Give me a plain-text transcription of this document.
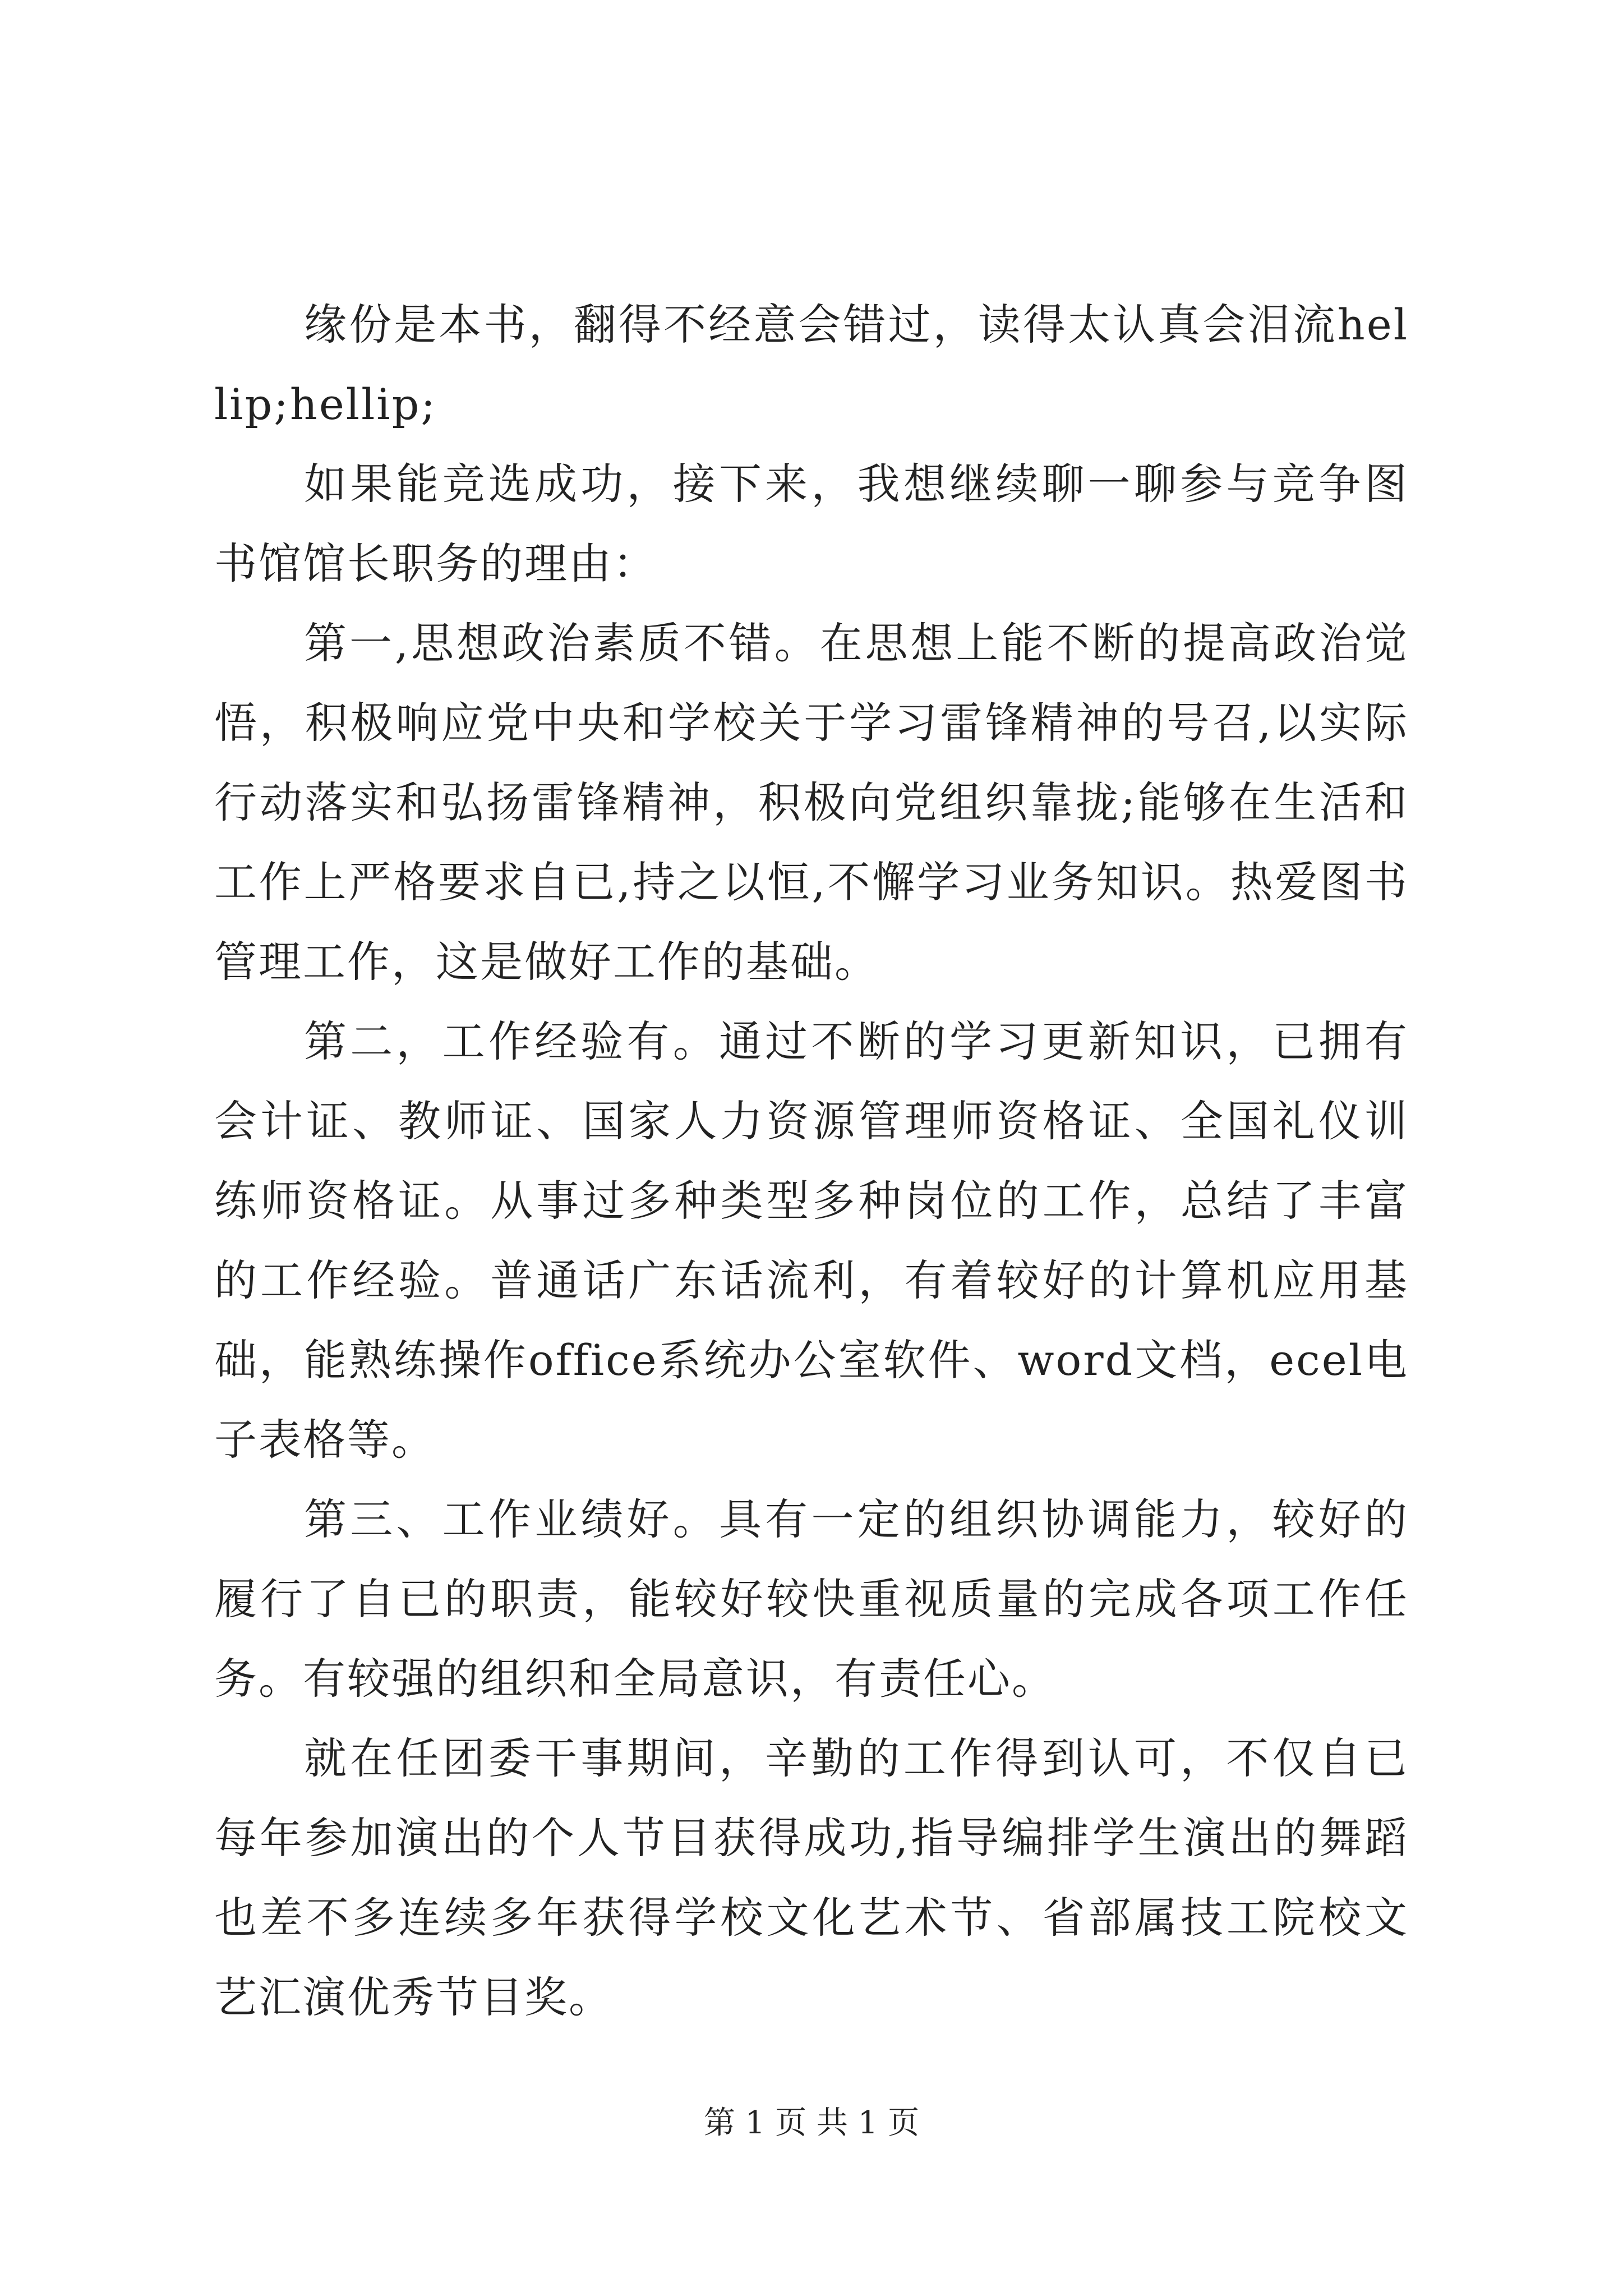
缘份是本书，翻得不经意会错过，读得太认真会泪流hellip;hellip;

如果能竞选成功，接下来，我想继续聊一聊参与竞争图书馆馆长职务的理由：

第一,思想政治素质不错。在思想上能不断的提高政治觉悟，积极响应党中央和学校关于学习雷锋精神的号召,以实际行动落实和弘扬雷锋精神，积极向党组织靠拢;能够在生活和工作上严格要求自已,持之以恒,不懈学习业务知识。热爱图书管理工作，这是做好工作的基础。

第二，工作经验有。通过不断的学习更新知识，已拥有会计证、教师证、国家人力资源管理师资格证、全国礼仪训练师资格证。从事过多种类型多种岗位的工作，总结了丰富的工作经验。普通话广东话流利，有着较好的计算机应用基础，能熟练操作office系统办公室软件、word文档，ecel电子表格等。

第三、工作业绩好。具有一定的组织协调能力，较好的履行了自已的职责，能较好较快重视质量的完成各项工作任务。有较强的组织和全局意识，有责任心。

就在任团委干事期间，辛勤的工作得到认可，不仅自已每年参加演出的个人节目获得成功,指导编排学生演出的舞蹈也差不多连续多年获得学校文化艺术节、省部属技工院校文艺汇演优秀节目奖。

第 1 页 共 1 页
